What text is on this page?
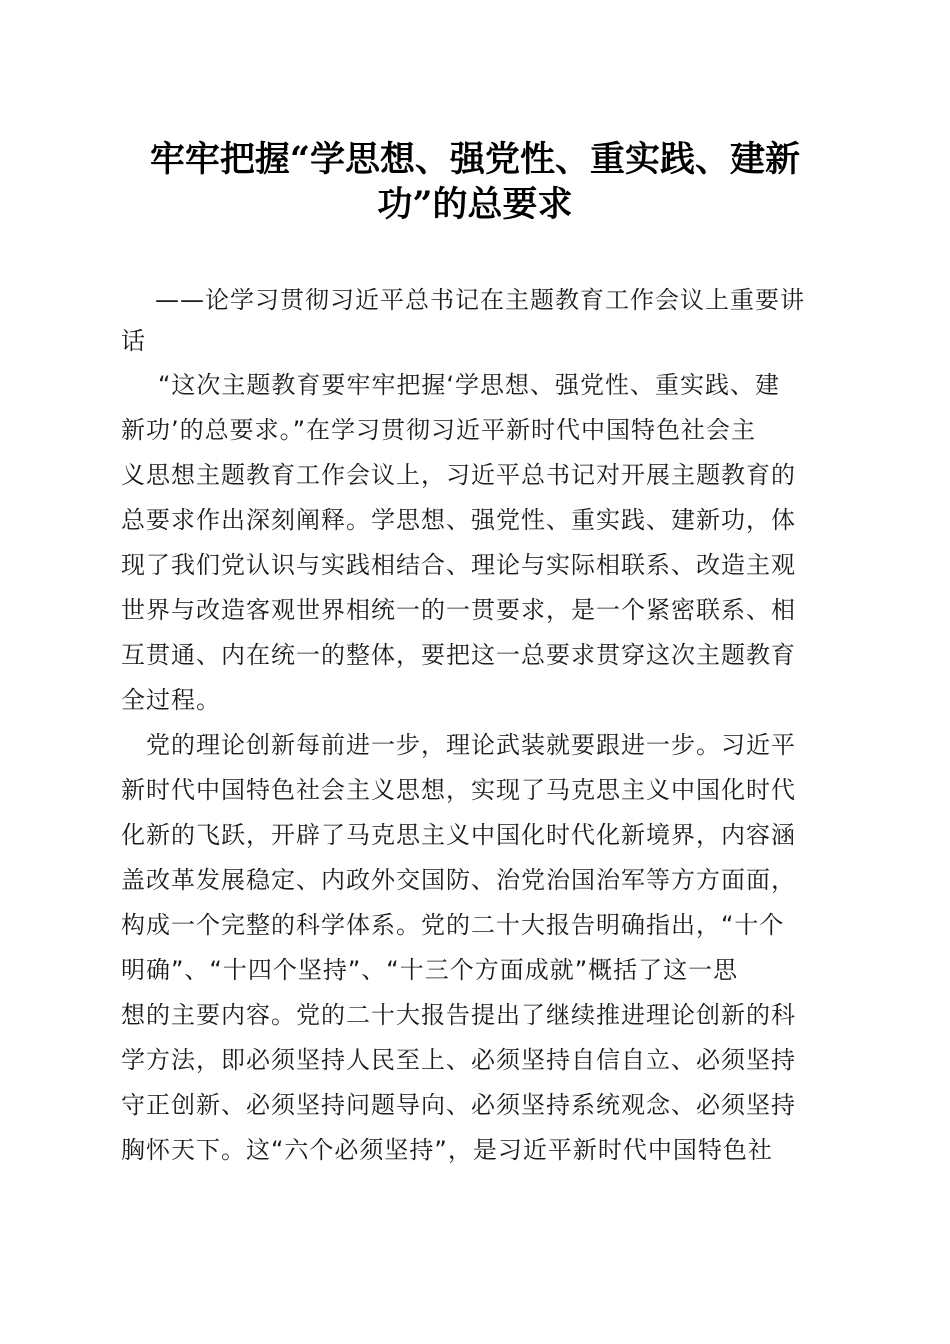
牢牢把握“学思想、强党性、重实践、建新
功”的总要求
——论学习贯彻习近平总书记在主题教育工作会议上重要讲
话
“这次主题教育要牢牢把握‘学思想、强党性、重实践、建
新功’的总要求。”在学习贯彻习近平新时代中国特色社会主
义思想主题教育工作会议上，习近平总书记对开展主题教育的
总要求作出深刻阐释。学思想、强党性、重实践、建新功，体
现了我们党认识与实践相结合、理论与实际相联系、改造主观
世界与改造客观世界相统一的一贯要求，是一个紧密联系、相
互贯通、内在统一的整体，要把这一总要求贯穿这次主题教育
全过程。
党的理论创新每前进一步，理论武装就要跟进一步。习近平
新时代中国特色社会主义思想，实现了马克思主义中国化时代
化新的飞跃，开辟了马克思主义中国化时代化新境界，内容涵
盖改革发展稳定、内政外交国防、治党治国治军等方方面面，
构成一个完整的科学体系。党的二十大报告明确指出，“十个
明确”、“十四个坚持”、“十三个方面成就”概括了这一思
想的主要内容。党的二十大报告提出了继续推进理论创新的科
学方法，即必须坚持人民至上、必须坚持自信自立、必须坚持
守正创新、必须坚持问题导向、必须坚持系统观念、必须坚持
胸怀天下。这“六个必须坚持”，是习近平新时代中国特色社
